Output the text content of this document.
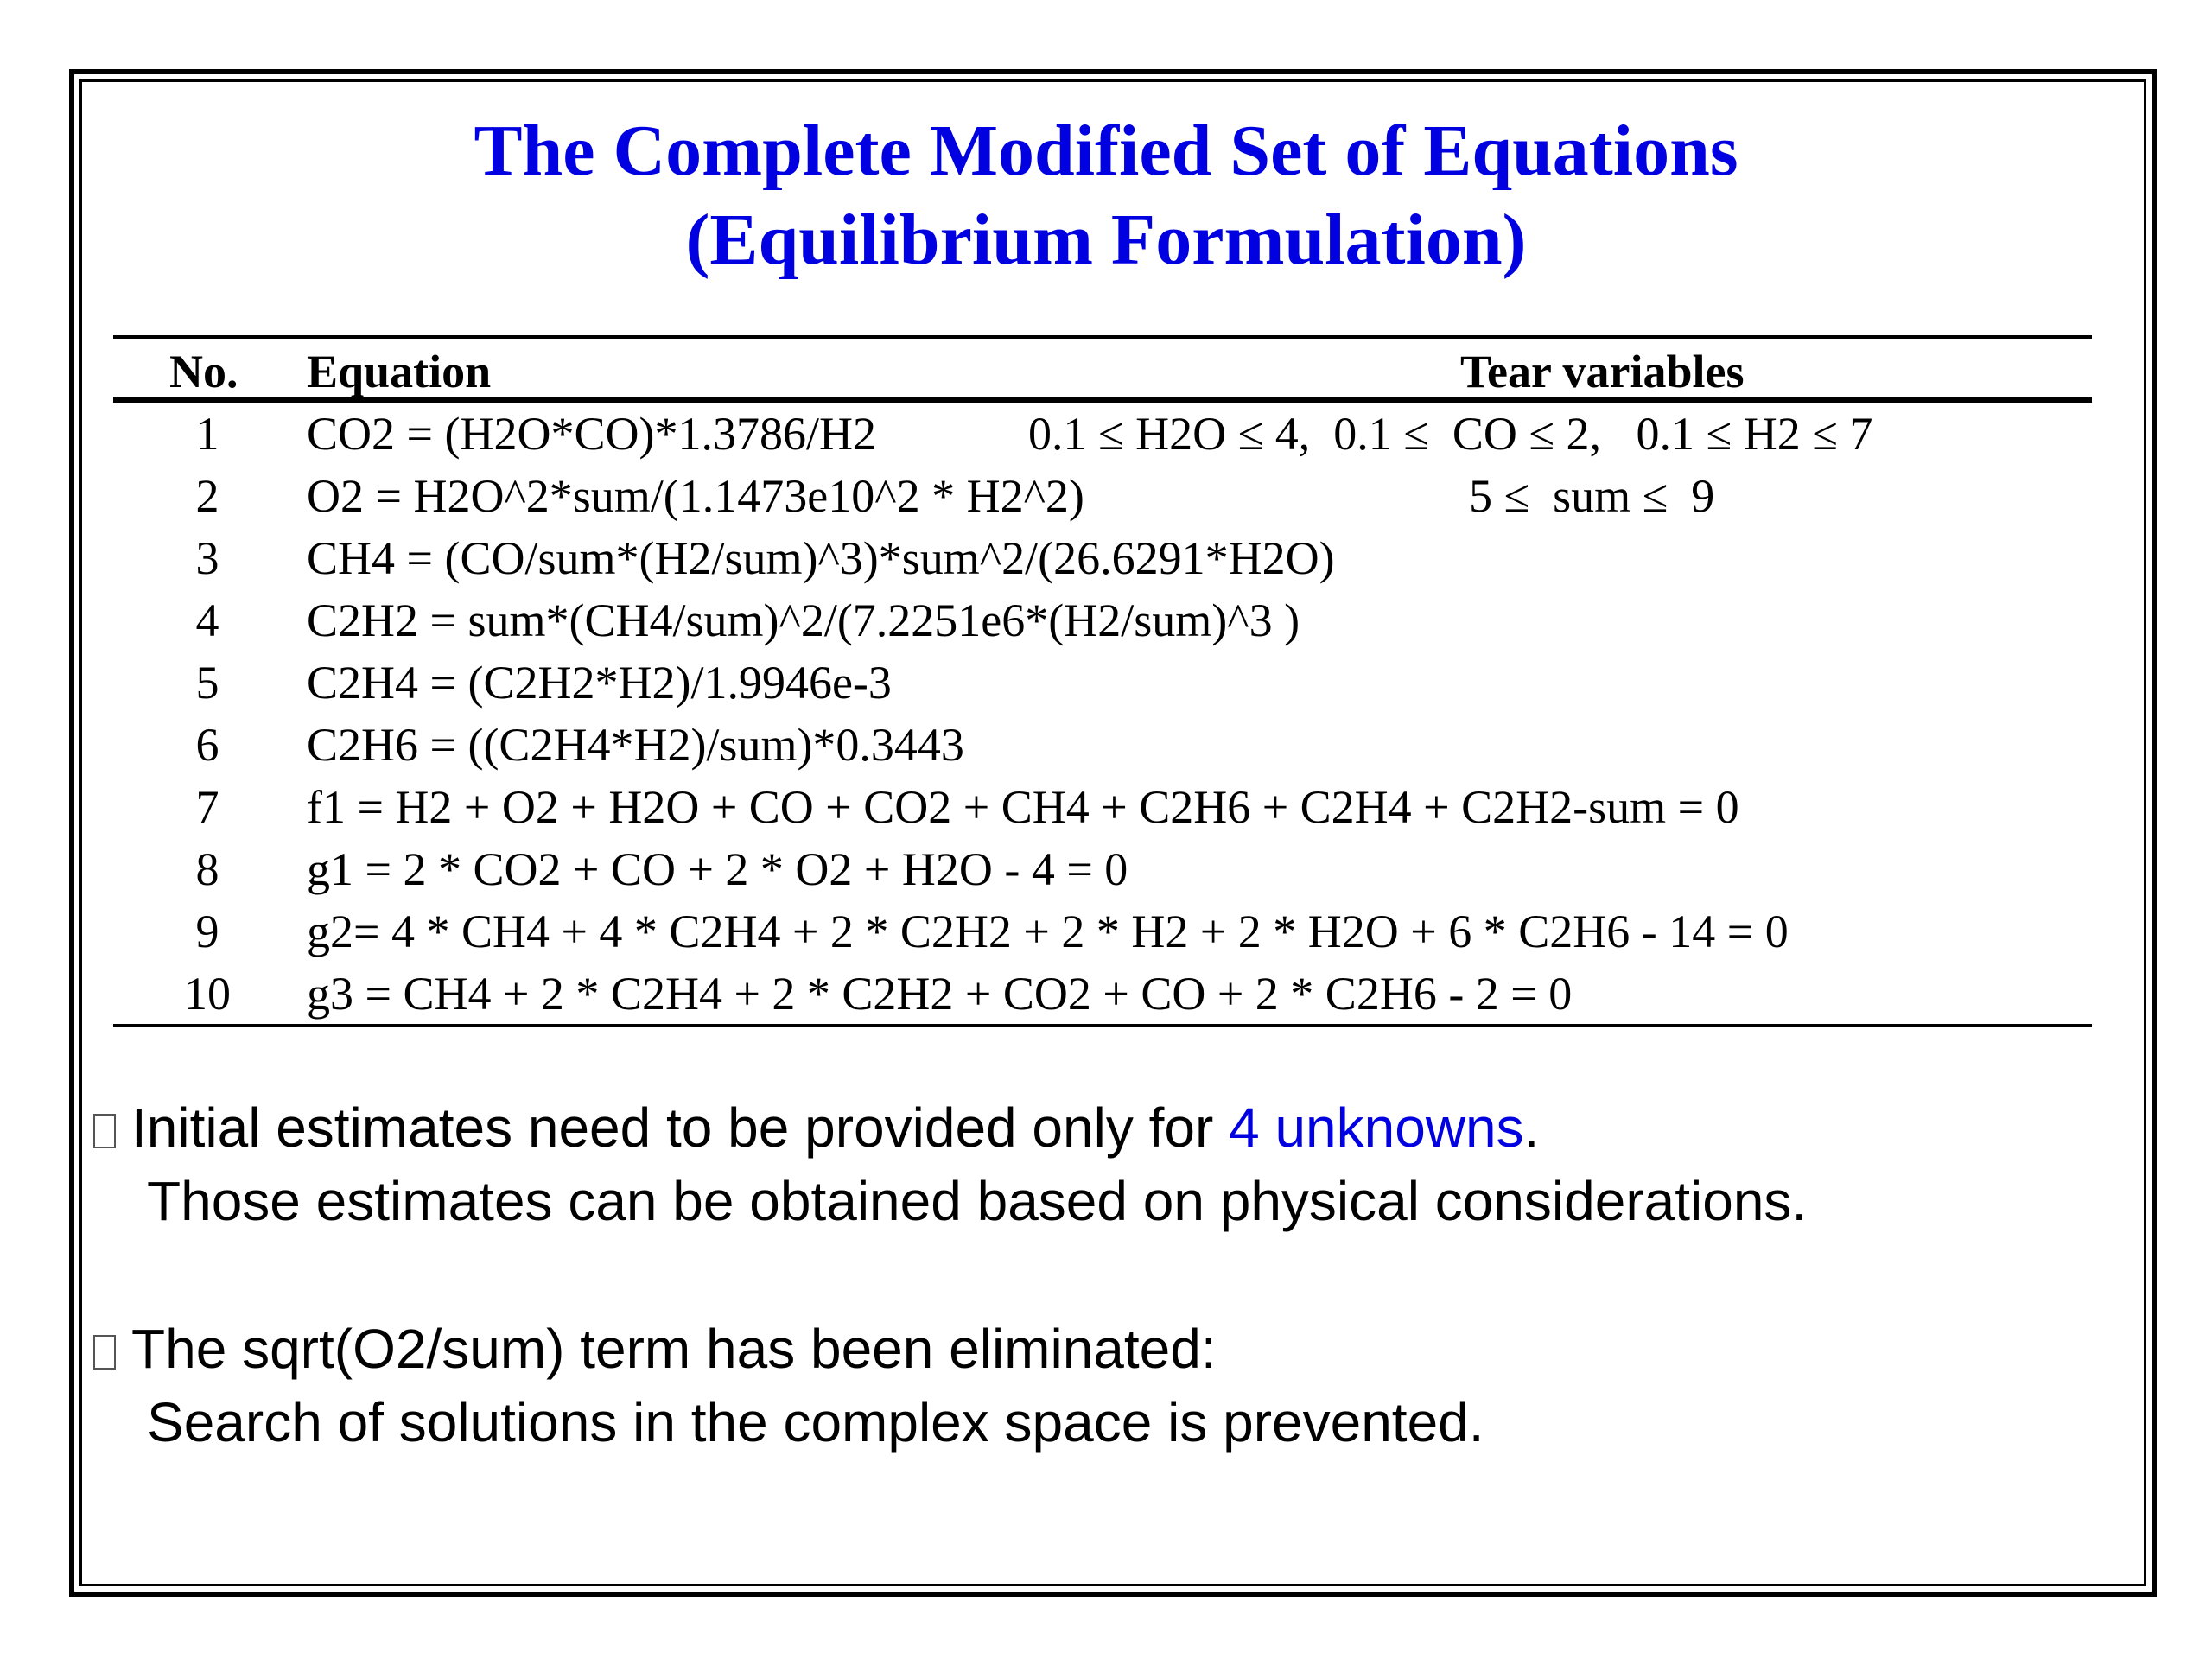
The Complete Modified Set of Equations
(Equilibrium Formulation)
No. Equation	Tear variables
1	CO2 = (H2O*CO)*1.3786/H2	0.1 ≤ H2O ≤ 4,  0.1 ≤  CO ≤ 2,   0.1 ≤ H2 ≤ 7
2	O2 = H2O^2*sum/(1.1473e10^2 * H2^2)	5 ≤  sum ≤  9
3	CH4 = (CO/sum*(H2/sum)^3)*sum^2/(26.6291*H2O)
4	C2H2 = sum*(CH4/sum)^2/(7.2251e6*(H2/sum)^3 )
5	C2H4 = (C2H2*H2)/1.9946e-3
6	C2H6 = ((C2H4*H2)/sum)*0.3443
7	f1 = H2 + O2 + H2O + CO + CO2 + CH4 + C2H6 + C2H4 + C2H2-sum = 0
8	g1 = 2 * CO2 + CO + 2 * O2 + H2O - 4 = 0
9	g2= 4 * CH4 + 4 * C2H4 + 2 * C2H2 + 2 * H2 + 2 * H2O + 6 * C2H6 - 14 = 0
10	g3 = CH4 + 2 * C2H4 + 2 * C2H2 + CO2 + CO + 2 * C2H6 - 2 = 0
Initial estimates need to be provided only for 4 unknowns.
Those estimates can be obtained based on physical considerations.
The sqrt(O2/sum) term has been eliminated:
Search of solutions in the complex space is prevented.
